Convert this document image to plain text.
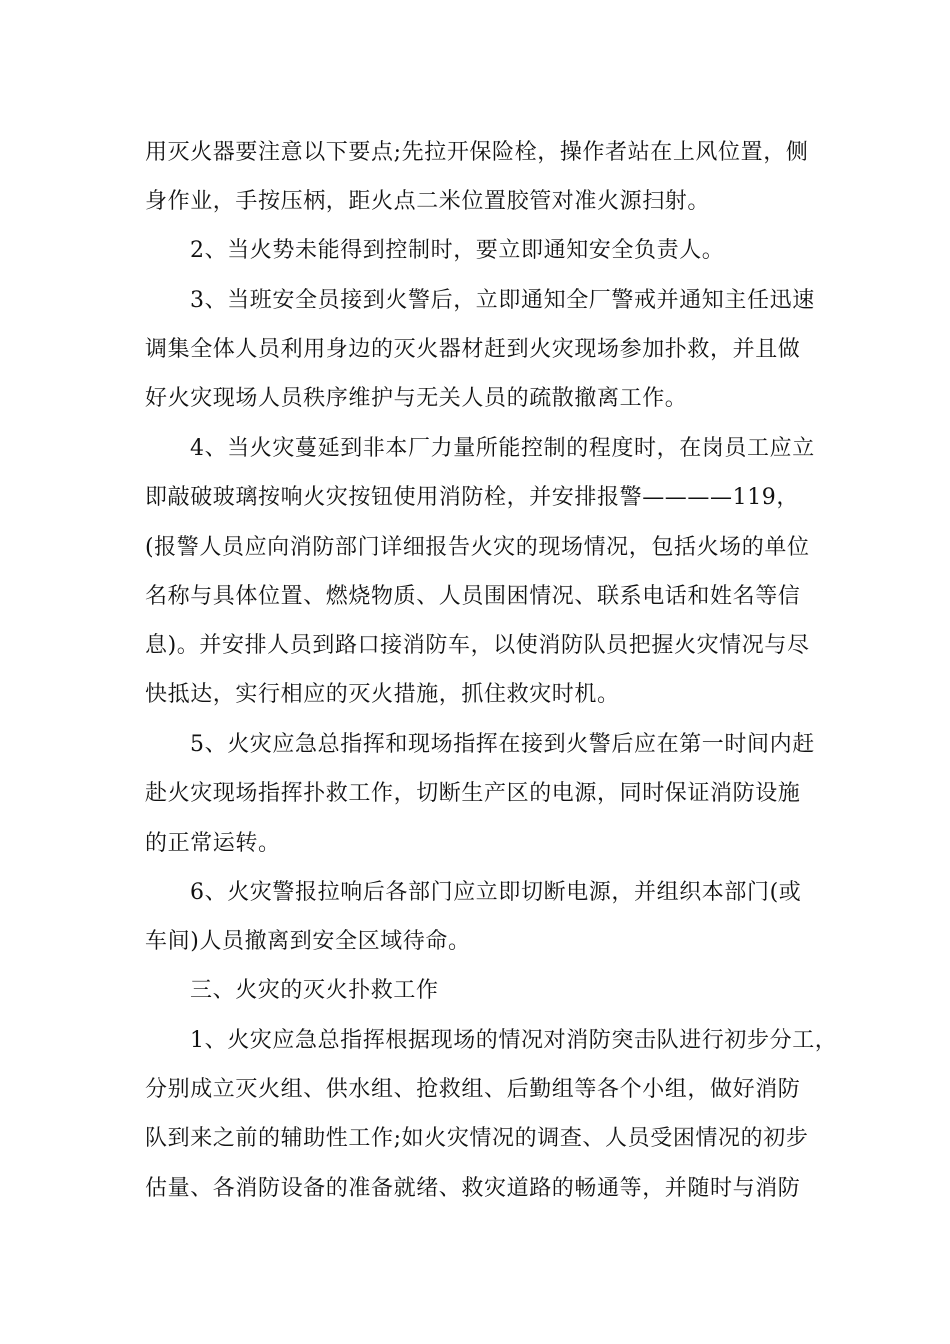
用灭火器要注意以下要点;先拉开保险栓，操作者站在上风位置，侧
身作业，手按压柄，距火点二米位置胶管对准火源扫射。
2、当火势未能得到控制时，要立即通知安全负责人。
3、当班安全员接到火警后，立即通知全厂警戒并通知主任迅速
调集全体人员利用身边的灭火器材赶到火灾现场参加扑救，并且做
好火灾现场人员秩序维护与无关人员的疏散撤离工作。
4、当火灾蔓延到非本厂力量所能控制的程度时，在岗员工应立
即敲破玻璃按响火灾按钮使用消防栓，并安排报警————119，
(报警人员应向消防部门详细报告火灾的现场情况，包括火场的单位
名称与具体位置、燃烧物质、人员围困情况、联系电话和姓名等信
息)。并安排人员到路口接消防车，以使消防队员把握火灾情况与尽
快抵达，实行相应的灭火措施，抓住救灾时机。
5、火灾应急总指挥和现场指挥在接到火警后应在第一时间内赶
赴火灾现场指挥扑救工作，切断生产区的电源，同时保证消防设施
的正常运转。
6、火灾警报拉响后各部门应立即切断电源，并组织本部门(或
车间)人员撤离到安全区域待命。
三、火灾的灭火扑救工作
1、火灾应急总指挥根据现场的情况对消防突击队进行初步分工，
分别成立灭火组、供水组、抢救组、后勤组等各个小组，做好消防
队到来之前的辅助性工作;如火灾情况的调查、人员受困情况的初步
估量、各消防设备的准备就绪、救灾道路的畅通等，并随时与消防
